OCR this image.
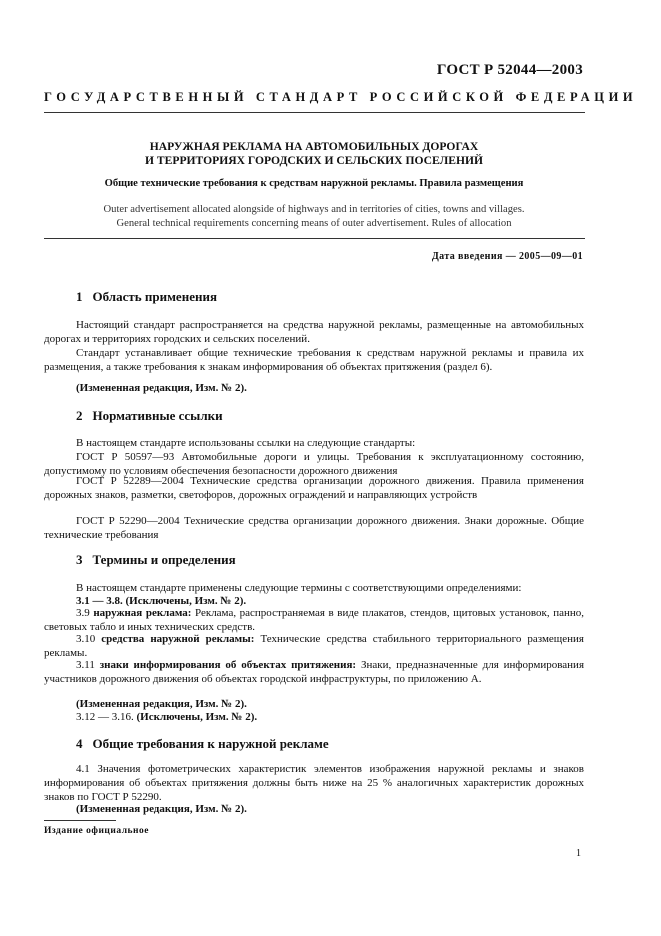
ГОСТ Р 52044—2003
ГОСУДАРСТВЕННЫЙ СТАНДАРТ РОССИЙСКОЙ ФЕДЕРАЦИИ
НАРУЖНАЯ РЕКЛАМА НА АВТОМОБИЛЬНЫХ ДОРОГАХ
И ТЕРРИТОРИЯХ ГОРОДСКИХ И СЕЛЬСКИХ ПОСЕЛЕНИЙ
Общие технические требования к средствам наружной рекламы. Правила размещения
Outer advertisement allocated alongside of highways and in territories of cities, towns and villages.
General technical requirements concerning means of outer advertisement. Rules of allocation
Дата введения — 2005—09—01
1 Область применения
Настоящий стандарт распространяется на средства наружной рекламы, размещенные на автомобильных дорогах и территориях городских и сельских поселений.
Стандарт устанавливает общие технические требования к средствам наружной рекламы и правила их размещения, а также требования к знакам информирования об объектах притяжения (раздел 6).
(Измененная редакция, Изм. № 2).
2 Нормативные ссылки
В настоящем стандарте использованы ссылки на следующие стандарты:
ГОСТ Р 50597—93 Автомобильные дороги и улицы. Требования к эксплуатационному состоянию, допустимому по условиям обеспечения безопасности дорожного движения
ГОСТ Р 52289—2004 Технические средства организации дорожного движения. Правила применения дорожных знаков, разметки, светофоров, дорожных ограждений и направляющих устройств
ГОСТ Р 52290—2004 Технические средства организации дорожного движения. Знаки дорожные. Общие технические требования
3 Термины и определения
В настоящем стандарте применены следующие термины с соответствующими определениями:
3.1 — 3.8. (Исключены, Изм. № 2).
3.9 наружная реклама: Реклама, распространяемая в виде плакатов, стендов, щитовых установок, панно, световых табло и иных технических средств.
3.10 средства наружной рекламы: Технические средства стабильного территориального размещения рекламы.
3.11 знаки информирования об объектах притяжения: Знаки, предназначенные для информирования участников дорожного движения об объектах городской инфраструктуры, по приложению А.
(Измененная редакция, Изм. № 2).
3.12 — 3.16. (Исключены, Изм. № 2).
4 Общие требования к наружной рекламе
4.1 Значения фотометрических характеристик элементов изображения наружной рекламы и знаков информирования об объектах притяжения должны быть ниже на 25 % аналогичных характеристик дорожных знаков по ГОСТ Р 52290.
(Измененная редакция, Изм. № 2).
Издание официальное
1
